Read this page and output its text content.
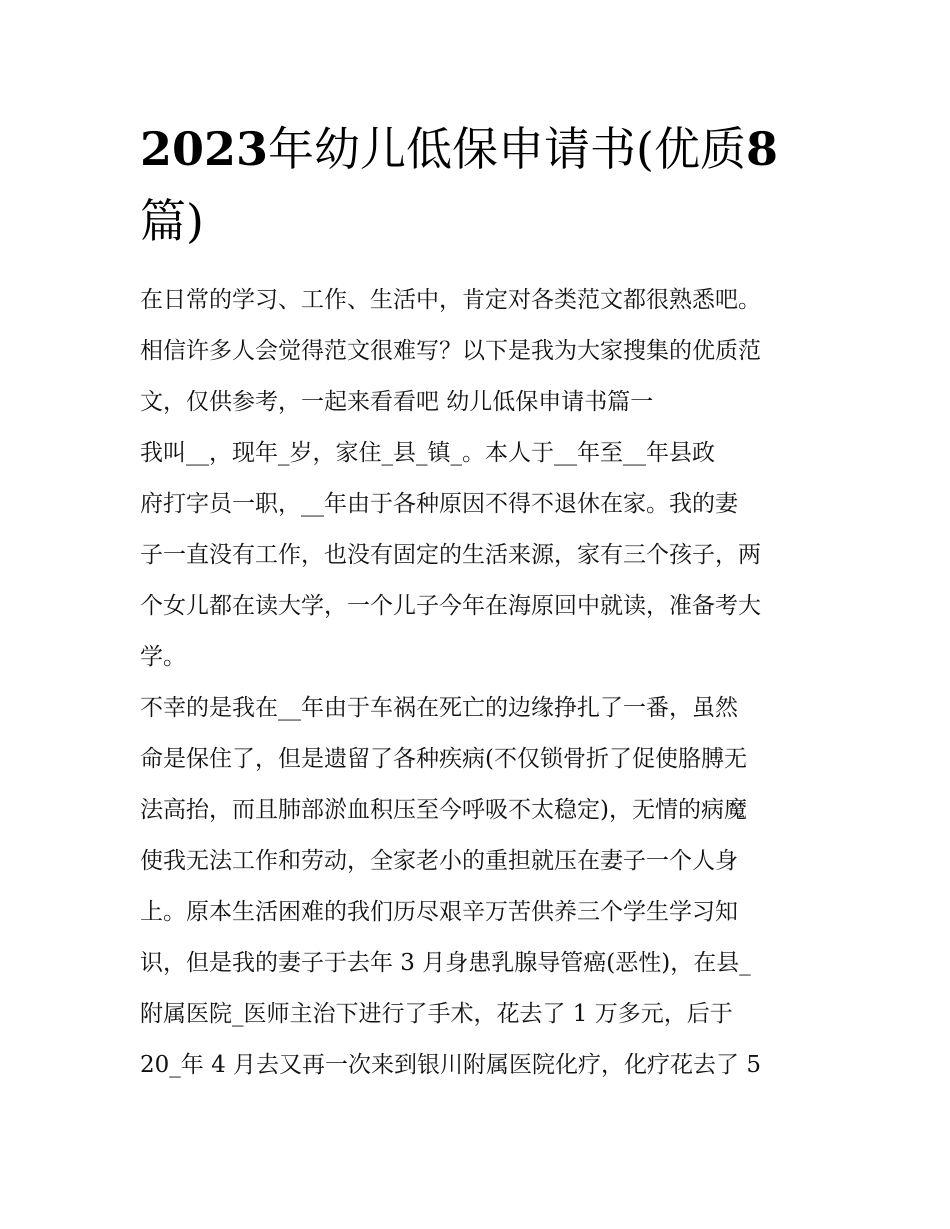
2023年幼儿低保申请书(优质8
篇)
在日常的学习、工作、生活中，肯定对各类范文都很熟悉吧。
相信许多人会觉得范文很难写？以下是我为大家搜集的优质范
文，仅供参考，一起来看看吧 幼儿低保申请书篇一
我叫__，现年_岁，家住_县_镇_。本人于__年至__年县政
府打字员一职，__年由于各种原因不得不退休在家。我的妻
子一直没有工作，也没有固定的生活来源，家有三个孩子，两
个女儿都在读大学，一个儿子今年在海原回中就读，准备考大
学。
不幸的是我在__年由于车祸在死亡的边缘挣扎了一番，虽然
命是保住了，但是遗留了各种疾病(不仅锁骨折了促使胳膊无
法高抬，而且肺部淤血积压至今呼吸不太稳定)，无情的病魔
使我无法工作和劳动，全家老小的重担就压在妻子一个人身
上。原本生活困难的我们历尽艰辛万苦供养三个学生学习知
识，但是我的妻子于去年 3 月身患乳腺导管癌(恶性)，在县_
附属医院_医师主治下进行了手术，花去了 1 万多元，后于
20_年 4 月去又再一次来到银川附属医院化疗，化疗花去了 5
